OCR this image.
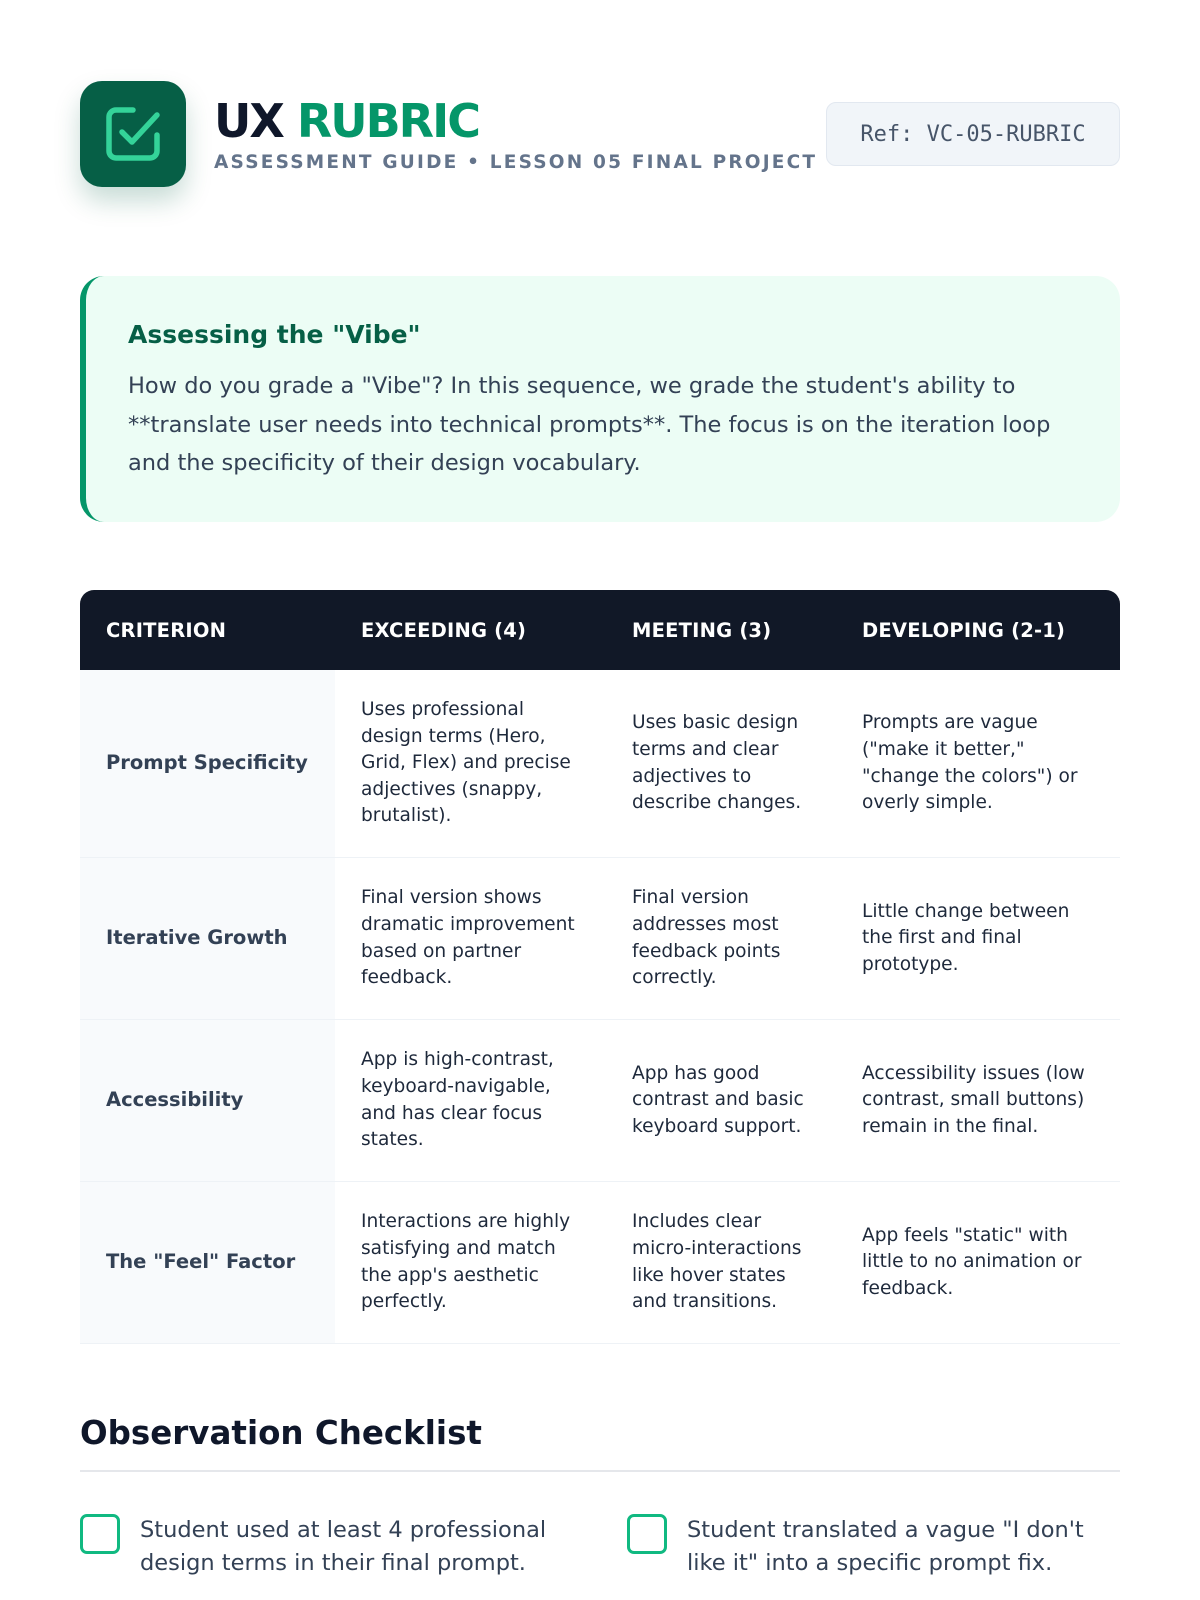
UX RUBRIC
ASSESSMENT GUIDE • LESSON 05 FINAL PROJECT
Ref: VC-05-RUBRIC
Assessing the "Vibe"

How do you grade a "Vibe"? In this sequence, we grade the student's ability to **translate user needs into technical prompts**. The focus is on the iteration loop and the specificity of their design vocabulary.

CRITERION	EXCEEDING (4)	MEETING (3)	DEVELOPING (2-1)
Prompt Specificity	Uses professional design terms (Hero, Grid, Flex) and precise adjectives (snappy, brutalist).	Uses basic design terms and clear adjectives to describe changes.	Prompts are vague ("make it better," "change the colors") or overly simple.
Iterative Growth	Final version shows dramatic improvement based on partner feedback.	Final version addresses most feedback points correctly.	Little change between the first and final prototype.
Accessibility	App is high-contrast, keyboard-navigable, and has clear focus states.	App has good contrast and basic keyboard support.	Accessibility issues (low contrast, small buttons) remain in the final.
The "Feel" Factor	Interactions are highly satisfying and match the app's aesthetic perfectly.	Includes clear micro-interactions like hover states and transitions.	App feels "static" with little to no animation or feedback.
Observation Checklist
Student used at least 4 professional design terms in their final prompt.
Student translated a vague "I don't like it" into a specific prompt fix.
